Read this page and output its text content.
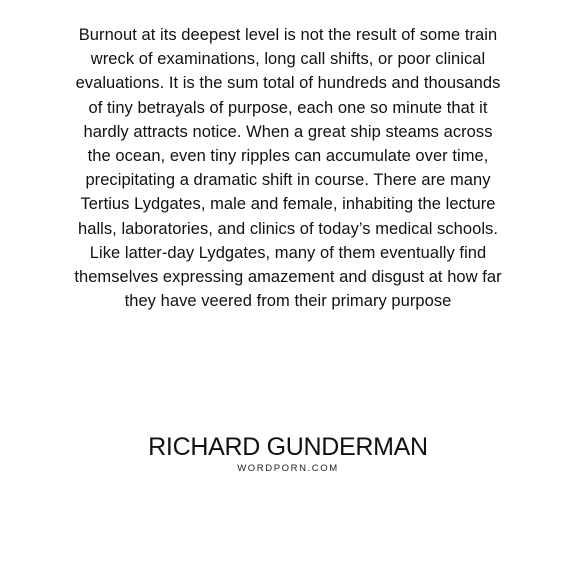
Burnout at its deepest level is not the result of some train
wreck of examinations, long call shifts, or poor clinical
evaluations. It is the sum total of hundreds and thousands
of tiny betrayals of purpose, each one so minute that it
hardly attracts notice. When a great ship steams across
the ocean, even tiny ripples can accumulate over time,
precipitating a dramatic shift in course. There are many
Tertius Lydgates, male and female, inhabiting the lecture
halls, laboratories, and clinics of today’s medical schools.
Like latter-day Lydgates, many of them eventually find
themselves expressing amazement and disgust at how far
they have veered from their primary purpose

RICHARD GUNDERMAN
WORDPORN.COM
